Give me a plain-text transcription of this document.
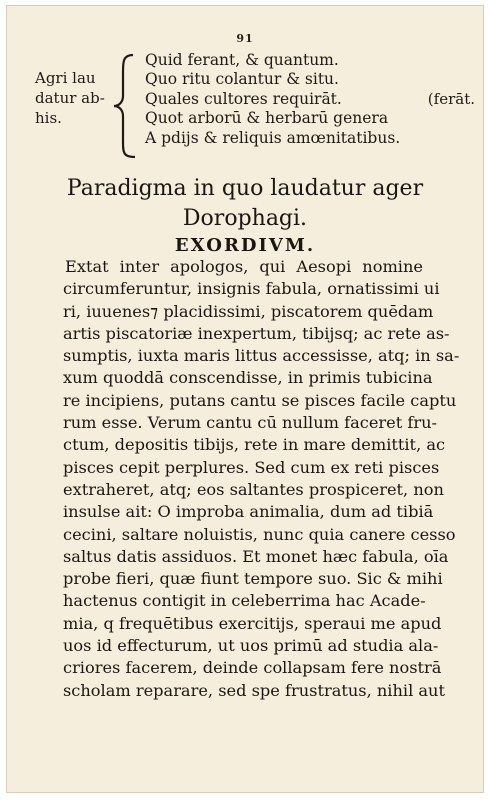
91
Agri lau
datur ab-
his.
Quid ferant, & quantum.
Quo ritu colantur & situ.
Quales cultores requirāt.	(ferāt.
Quot arborū & herbarū genera
A pdijs & reliquis amœnitatibus.
Paradigma in quo laudatur ager
Dorophagi.
EXORDIVM.
Extat inter apologos, qui Aesopi nomine
circumferuntur, insignis fabula, ornatissimi ui
ri, iuuenes⁊ placidissimi, piscatorem quēdam
artis piscatoriæ inexpertum, tibijsq; ac rete as-
sumptis, iuxta maris littus accessisse, atq; in sa-
xum quoddā conscendisse, in primis tubicina
re incipiens, putans cantu se pisces facile captu
rum esse. Verum cantu cū nullum faceret fru-
ctum, depositis tibijs, rete in mare demittit, ac
pisces cepit perplures. Sed cum ex reti pisces
extraheret, atq; eos saltantes prospiceret, non
insulse ait: O improba animalia, dum ad tibiā
cecini, saltare noluistis, nunc quia canere cesso
saltus datis assiduos. Et monet hæc fabula, oīa
probe fieri, quæ fiunt tempore suo. Sic & mihi
hactenus contigit in celeberrima hac Acade-
mia, q frequētibus exercitijs, speraui me apud
uos id effecturum, ut uos primū ad studia ala-
criores facerem, deinde collapsam fere nostrā
scholam reparare, sed spe frustratus, nihil aut
